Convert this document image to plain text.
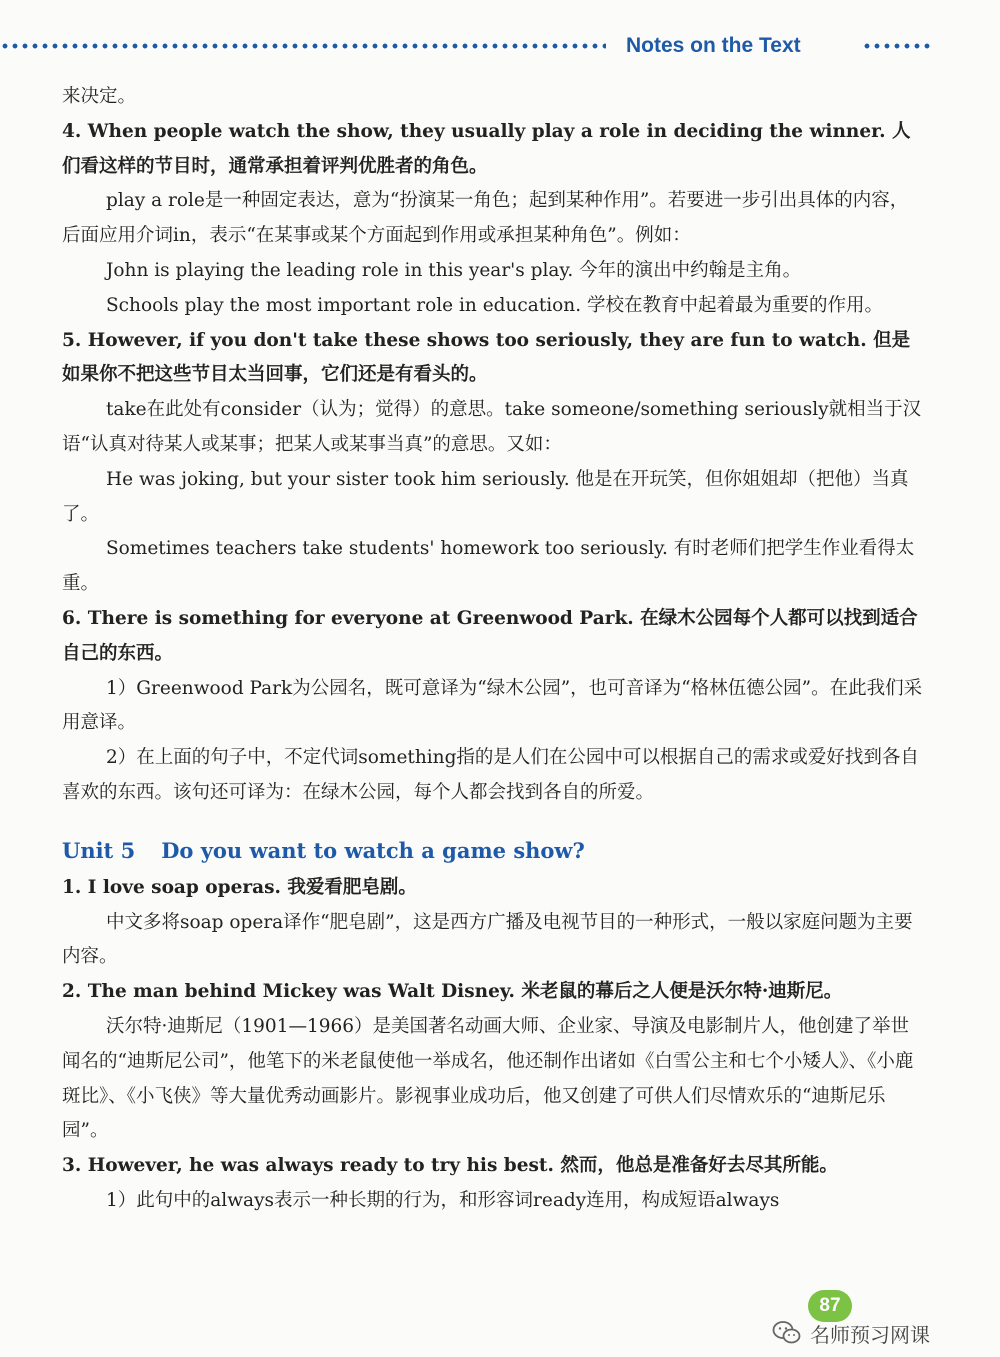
Notes on the Text

来决定。

4. When people watch the show, they usually play a role in deciding the winner. 人们看这样的节目时，通常承担着评判优胜者的角色。

play a role是一种固定表达，意为“扮演某一角色；起到某种作用”。若要进一步引出具体的内容，后面应用介词in，表示“在某事或某个方面起到作用或承担某种角色”。例如：

John is playing the leading role in this year's play. 今年的演出中约翰是主角。

Schools play the most important role in education. 学校在教育中起着最为重要的作用。

5. However, if you don't take these shows too seriously, they are fun to watch. 但是如果你不把这些节目太当回事，它们还是有看头的。

take在此处有consider（认为；觉得）的意思。take someone/something seriously就相当于汉语“认真对待某人或某事；把某人或某事当真”的意思。又如：

He was joking, but your sister took him seriously. 他是在开玩笑，但你姐姐却（把他）当真了。

Sometimes teachers take students' homework too seriously. 有时老师们把学生作业看得太重。

6. There is something for everyone at Greenwood Park. 在绿木公园每个人都可以找到适合自己的东西。

1）Greenwood Park为公园名，既可意译为“绿木公园”，也可音译为“格林伍德公园”。在此我们采用意译。

2）在上面的句子中，不定代词something指的是人们在公园中可以根据自己的需求或爱好找到各自喜欢的东西。该句还可译为：在绿木公园，每个人都会找到各自的所爱。

Unit 5 Do you want to watch a game show?

1. I love soap operas. 我爱看肥皂剧。

中文多将soap opera译作“肥皂剧”，这是西方广播及电视节目的一种形式，一般以家庭问题为主要内容。

2. The man behind Mickey was Walt Disney. 米老鼠的幕后之人便是沃尔特·迪斯尼。

沃尔特·迪斯尼（1901—1966）是美国著名动画大师、企业家、导演及电影制片人，他创建了举世闻名的“迪斯尼公司”，他笔下的米老鼠使他一举成名，他还制作出诸如《白雪公主和七个小矮人》、《小鹿斑比》、《小飞侠》等大量优秀动画影片。影视事业成功后，他又创建了可供人们尽情欢乐的“迪斯尼乐园”。

3. However, he was always ready to try his best. 然而，他总是准备好去尽其所能。

1）此句中的always表示一种长期的行为，和形容词ready连用，构成短语always

87
名师预习网课
